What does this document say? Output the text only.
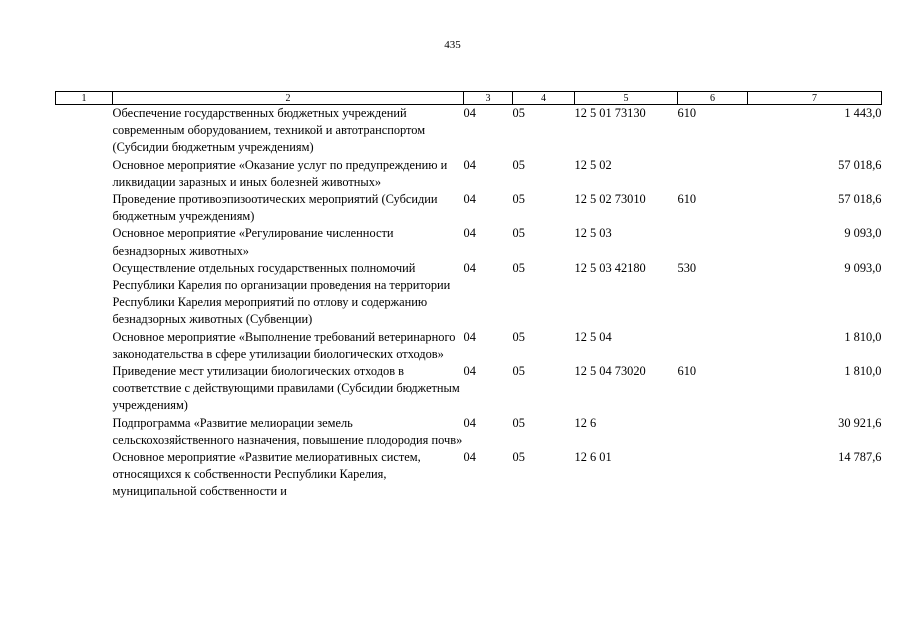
435
1	2	3	4	5	6	7
	Обеспечение государственных бюджетных учреждений современным оборудованием, техникой и автотранспортом (Субсидии бюджетным учреждениям)	04	05	12 5 01 73130	610	1 443,0
	Основное мероприятие «Оказание услуг по предупреждению и ликвидации заразных и иных болезней животных»	04	05	12 5 02		57 018,6
	Проведение противоэпизоотических мероприятий (Субсидии бюджетным учреждениям)	04	05	12 5 02 73010	610	57 018,6
	Основное мероприятие «Регулирование численности безнадзорных животных»	04	05	12 5 03		9 093,0
	Осуществление отдельных государственных полномочий Республики Карелия по организации проведения на территории Республики Карелия мероприятий по отлову и содержанию безнадзорных животных (Субвенции)	04	05	12 5 03 42180	530	9 093,0
	Основное мероприятие «Выполнение требований ветеринарного законодательства в сфере утилизации биологических отходов»	04	05	12 5 04		1 810,0
	Приведение мест утилизации биологических отходов в соответствие с действующими правилами (Субсидии бюджетным учреждениям)	04	05	12 5 04 73020	610	1 810,0
	Подпрограмма «Развитие мелиорации земель сельскохозяйственного назначения, повышение плодородия почв»	04	05	12 6		30 921,6
	Основное мероприятие «Развитие мелиоративных систем, относящихся к собственности Республики Карелия, муниципальной собственности и	04	05	12 6 01		14 787,6
